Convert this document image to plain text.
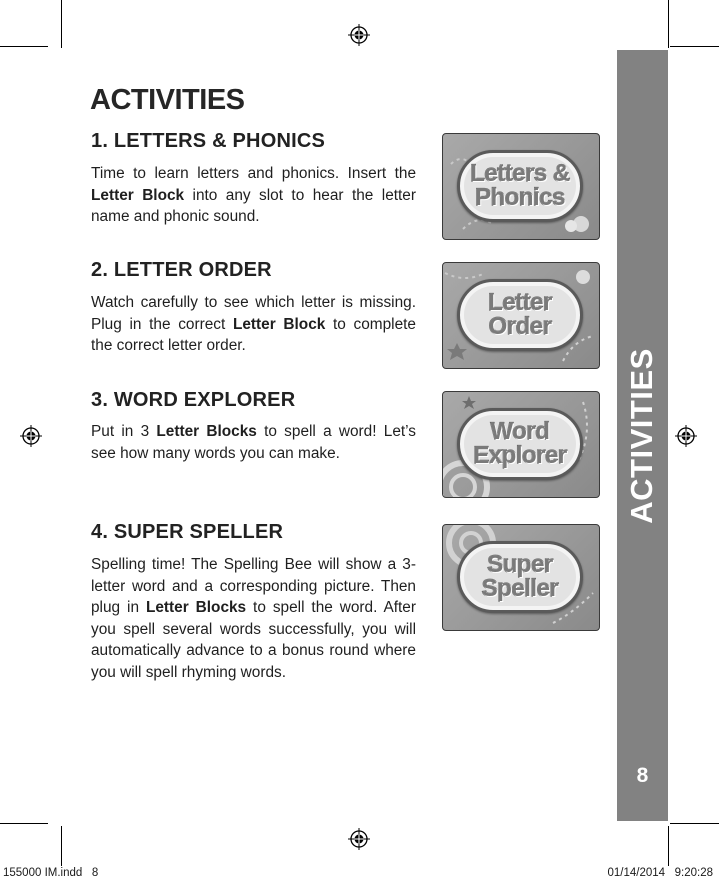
ACTIVITIES
8
ACTIVITIES
1. LETTERS & PHONICS
Time to learn letters and phonics. Insert the Letter Block into any slot to hear the letter name and phonic sound.
Letters &
Phonics
2. LETTER ORDER
Watch carefully to see which letter is missing. Plug in the correct Letter Block to complete the correct letter order.
Letter
Order
3. WORD EXPLORER
Put in 3 Letter Blocks to spell a word! Let’s see how many words you can make.
Word
Explorer
4. SUPER SPELLER
Spelling time! The Spelling Bee will show a 3-letter word and a corresponding picture. Then plug in Letter Blocks to spell the word. After you spell several words successfully, you will automatically advance to a bonus round where you will spell rhyming words.
Super
Speller
155000 IM.indd   8	01/14/2014   9:20:28
